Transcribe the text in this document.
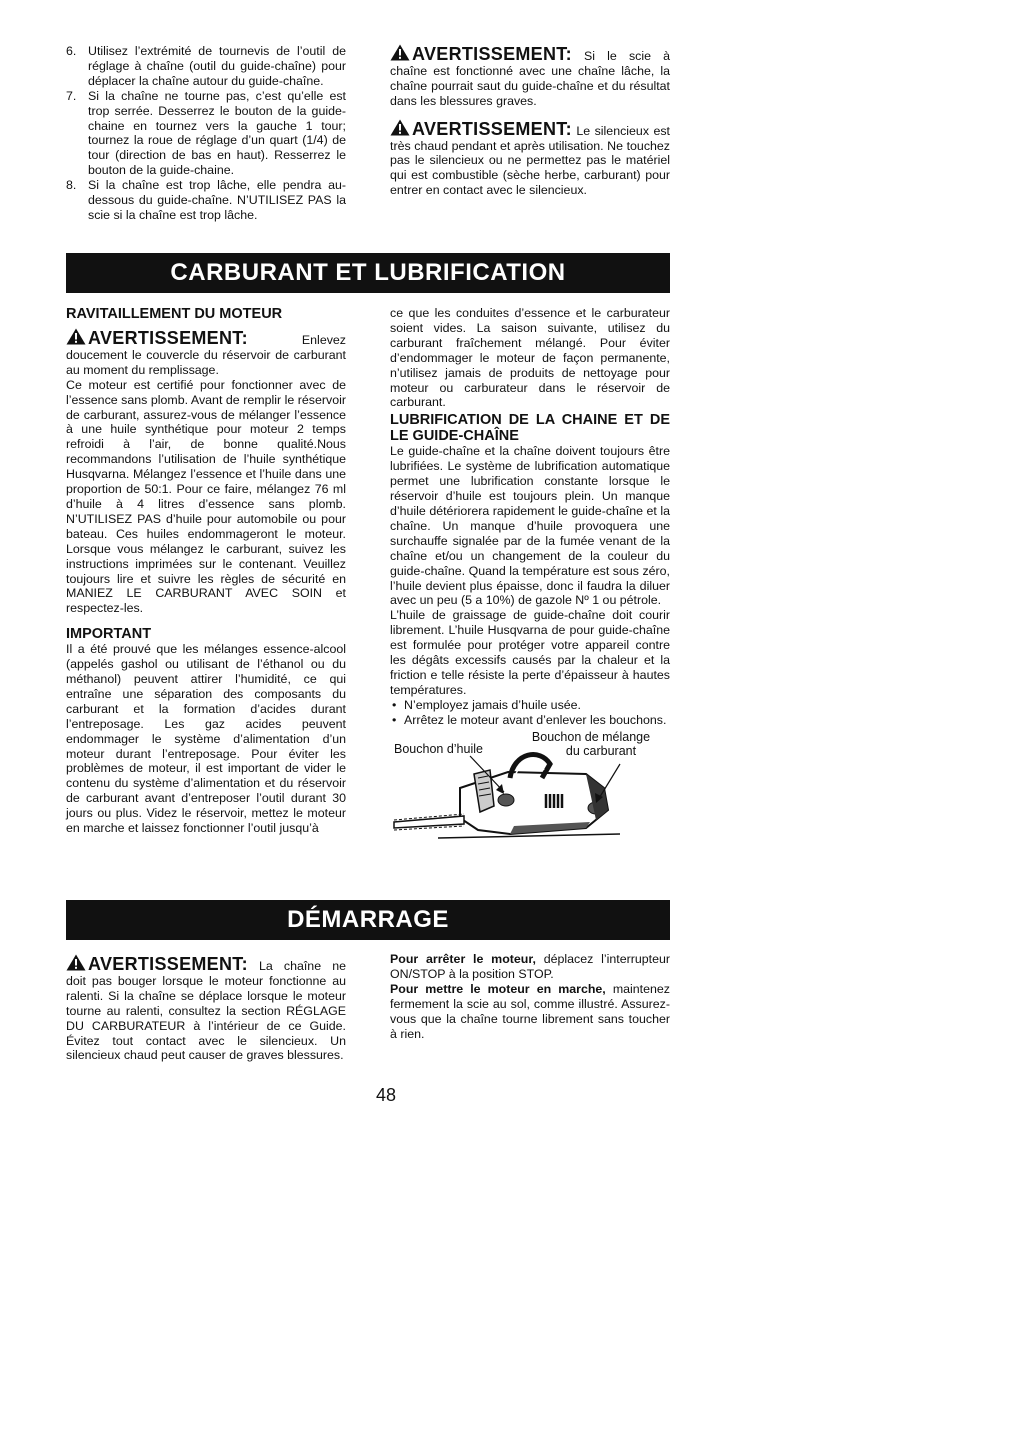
6. Utilisez l’extrémité de tournevis de l’outil de réglage à chaîne (outil du guide-chaîne) pour déplacer la chaîne autour du guide-chaîne.
7. Si la chaîne ne tourne pas, c’est qu’elle est trop serrée. Desserrez le bouton de la guide-chaine en tournez vers la gauche 1 tour; tournez la roue de réglage d’un quart (1/4) de tour (direction de bas en haut). Resserrez le bouton de la guide-chaine.
8. Si la chaîne est trop lâche, elle pendra au-dessous du guide-chaîne. N’UTILISEZ PAS la scie si la chaîne est trop lâche.

AVERTISSEMENT: Si le scie à chaîne est fonctionné avec une chaîne lâche, la chaîne pourrait saut du guide-chaîne et du résultat dans les blessures graves.

AVERTISSEMENT: Le silencieux est très chaud pendant et après utilisation. Ne touchez pas le silencieux ou ne permettez pas le matériel qui est combustible (sèche herbe, carburant) pour entrer en contact avec le silencieux.

CARBURANT ET LUBRIFICATION
RAVITAILLEMENT DU MOTEUR

AVERTISSEMENT:	Enlevez doucement le couvercle du réservoir de carburant au moment du remplissage.

Ce moteur est certifié pour fonctionner avec de l’essence sans plomb. Avant de remplir le réservoir de carburant, assurez-vous de mélanger l’essence à une huile synthétique pour moteur 2 temps refroidi à l’air, de bonne qualité.Nous recommandons l’utilisation de l’huile synthétique Husqvarna. Mélangez l’essence et l’huile dans une proportion de 50:1. Pour ce faire, mélangez 76 ml d’huile à 4 litres d’essence sans plomb. N’UTILISEZ PAS d’huile pour automobile ou pour bateau. Ces huiles endommageront le moteur. Lorsque vous mélangez le carburant, suivez les instructions imprimées sur le contenant. Veuillez toujours lire et suivre les règles de sécurité en MANIEZ LE CARBURANT AVEC SOIN et respectez-les.

IMPORTANT

Il a été prouvé que les mélanges essence-alcool (appelés gashol ou utilisant de l’éthanol ou du méthanol) peuvent attirer l’humidité, ce qui entraîne une séparation des composants du carburant et la formation d’acides durant l’entreposage. Les gaz acides peuvent endommager le système d’alimentation d’un moteur durant l’entreposage. Pour éviter les problèmes de moteur, il est important de vider le contenu du système d’alimentation et du réservoir de carburant avant d’entreposer l’outil durant 30 jours ou plus. Videz le réservoir, mettez le moteur en marche et laissez fonctionner l’outil jusqu’à

ce que les conduites d’essence et le carburateur soient vides. La saison suivante, utilisez du carburant fraîchement mélangé. Pour éviter d’endommager le moteur de façon permanente, n’utilisez jamais de produits de nettoyage pour moteur ou carburateur dans le réservoir de carburant.

LUBRIFICATION DE LA CHAINE ET DE LE GUIDE-CHAÎNE

Le guide-chaîne et la chaîne doivent toujours être lubrifiées. Le système de lubrification automatique permet une lubrification constante lorsque le réservoir d’huile est toujours plein. Un manque d’huile détériorera rapidement le guide-chaîne et la chaîne. Un manque d’huile provoquera une surchauffe signalée par de la fumée venant de la chaîne et/ou un changement de la couleur du guide-chaîne. Quand la température est sous zéro, l’huile devient plus épaisse, donc il faudra la diluer avec un peu (5 a 10%) de gazole Nº 1 ou pétrole.

L’huile de graissage de guide-chaîne doit courir librement. L’huile Husqvarna de pour guide-chaîne est formulée pour protéger votre appareil contre les dégâts excessifs causés par la chaleur et la friction e telle résiste la perte d’épaisseur à hautes températures.

• N’employez jamais d’huile usée.
• Arrêtez le moteur avant d’enlever les bouchons.
Bouchon d’huile
Bouchon de mélange
du carburant
DÉMARRAGE

AVERTISSEMENT: La chaîne ne doit pas bouger lorsque le moteur fonctionne au ralenti. Si la chaîne se déplace lorsque le moteur tourne au ralenti, consultez la section RÉGLAGE DU CARBURATEUR à l’intérieur de ce Guide. Évitez tout contact avec le silencieux. Un silencieux chaud peut causer de graves blessures.

Pour arrêter le moteur, déplacez l’interrupteur ON/STOP à la position STOP.

Pour mettre le moteur en marche, maintenez fermement la scie au sol, comme illustré. Assurez-vous que la chaîne tourne librement sans toucher à rien.

48
